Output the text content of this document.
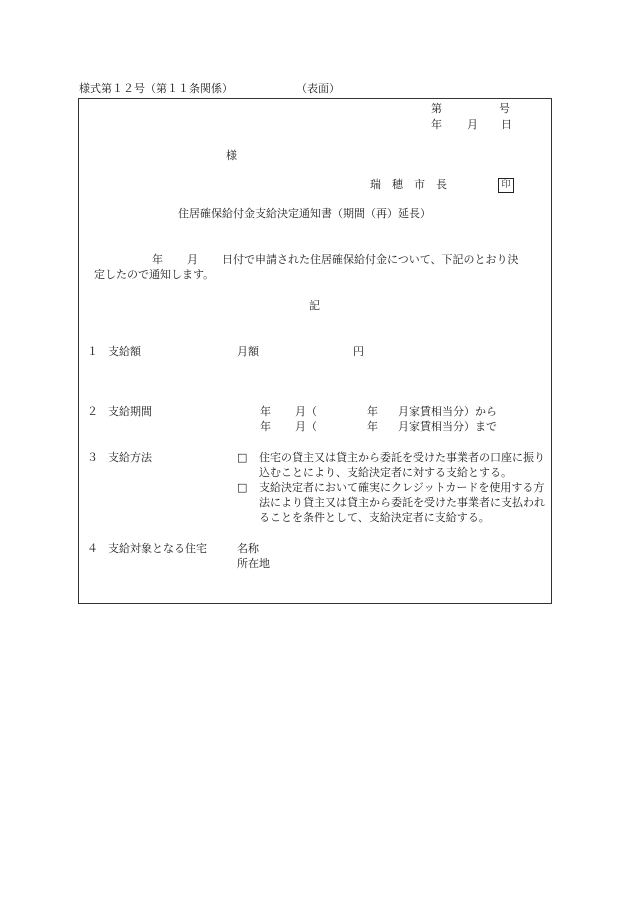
様式第１２号（第１１条関係）	（表面）
第	号
年 月 日
様
瑞　穂　市　長	印
住居確保給付金支給決定通知書（期間（再）延長）
年 月 日付で申請された住居確保給付金について、下記のとおり決
定したので通知します。
記
１ 支給額	月額	円
２ 支給期間	年 月（	年 月家賃相当分）から
年 月（	年 月家賃相当分）まで
３ 支給方法	□ 住宅の貸主又は貸主から委託を受けた事業者の口座に振り込むことにより、支給決定者に対する支給とする。
□ 支給決定者において確実にクレジットカードを使用する方法により貸主又は貸主から委託を受けた事業者に支払われることを条件として、支給決定者に支給する。
４ 支給対象となる住宅	名称
所在地
